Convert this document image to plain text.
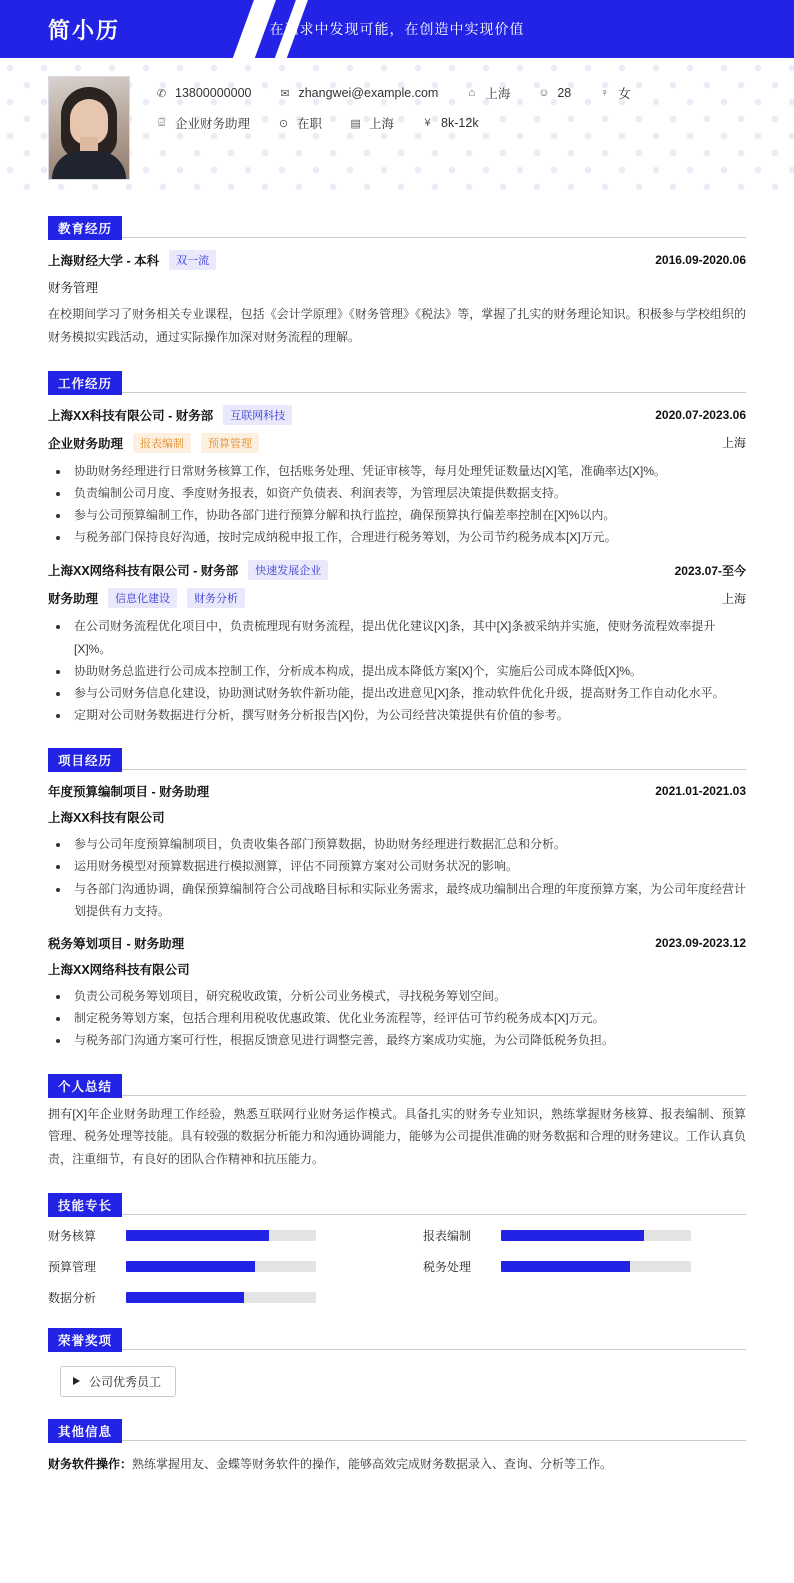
简小历	在追求中发现可能，在创造中实现价值
✆ 13800000000	✉ zhangwei@example.com	⌂ 上海	☺ 28	♀ 女
⌸ 企业财务助理	⊙ 在职	▤ 上海	¥ 8k-12k
教育经历
上海财经大学 - 本科	双一流	2016.09-2020.06
财务管理
在校期间学习了财务相关专业课程，包括《会计学原理》《财务管理》《税法》等，掌握了扎实的财务理论知识。积极参与学校组织的财务模拟实践活动，通过实际操作加深对财务流程的理解。
工作经历
上海XX科技有限公司 - 财务部	互联网科技	2020.07-2023.06
企业财务助理	报表编制	预算管理	上海
• 协助财务经理进行日常财务核算工作，包括账务处理、凭证审核等，每月处理凭证数量达[X]笔，准确率达[X]%。
• 负责编制公司月度、季度财务报表，如资产负债表、利润表等，为管理层决策提供数据支持。
• 参与公司预算编制工作，协助各部门进行预算分解和执行监控，确保预算执行偏差率控制在[X]%以内。
• 与税务部门保持良好沟通，按时完成纳税申报工作，合理进行税务筹划，为公司节约税务成本[X]万元。
上海XX网络科技有限公司 - 财务部	快速发展企业	2023.07-至今
财务助理	信息化建设	财务分析	上海
• 在公司财务流程优化项目中，负责梳理现有财务流程，提出优化建议[X]条，其中[X]条被采纳并实施，使财务流程效率提升[X]%。
• 协助财务总监进行公司成本控制工作，分析成本构成，提出成本降低方案[X]个，实施后公司成本降低[X]%。
• 参与公司财务信息化建设，协助测试财务软件新功能，提出改进意见[X]条，推动软件优化升级，提高财务工作自动化水平。
• 定期对公司财务数据进行分析，撰写财务分析报告[X]份，为公司经营决策提供有价值的参考。
项目经历
年度预算编制项目 - 财务助理	2021.01-2021.03
上海XX科技有限公司
• 参与公司年度预算编制项目，负责收集各部门预算数据，协助财务经理进行数据汇总和分析。
• 运用财务模型对预算数据进行模拟测算，评估不同预算方案对公司财务状况的影响。
• 与各部门沟通协调，确保预算编制符合公司战略目标和实际业务需求，最终成功编制出合理的年度预算方案，为公司年度经营计划提供有力支持。
税务筹划项目 - 财务助理	2023.09-2023.12
上海XX网络科技有限公司
• 负责公司税务筹划项目，研究税收政策，分析公司业务模式，寻找税务筹划空间。
• 制定税务筹划方案，包括合理利用税收优惠政策、优化业务流程等，经评估可节约税务成本[X]万元。
• 与税务部门沟通方案可行性，根据反馈意见进行调整完善，最终方案成功实施，为公司降低税务负担。
个人总结
拥有[X]年企业财务助理工作经验，熟悉互联网行业财务运作模式。具备扎实的财务专业知识，熟练掌握财务核算、报表编制、预算管理、税务处理等技能。具有较强的数据分析能力和沟通协调能力，能够为公司提供准确的财务数据和合理的财务建议。工作认真负责，注重细节，有良好的团队合作精神和抗压能力。
技能专长
财务核算	报表编制
预算管理	税务处理
数据分析
荣誉奖项
公司优秀员工
其他信息
财务软件操作：熟练掌握用友、金蝶等财务软件的操作，能够高效完成财务数据录入、查询、分析等工作。
